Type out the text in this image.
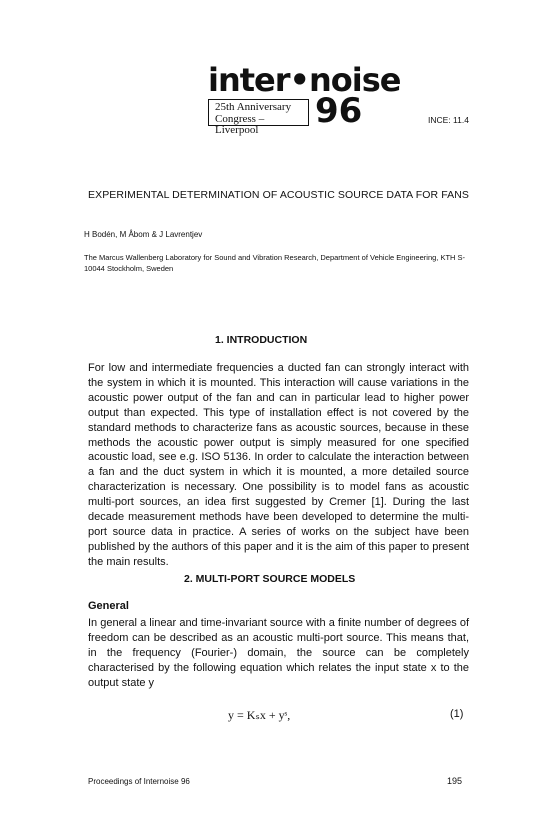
inter•noise
25th Anniversary
Congress – Liverpool	96	INCE: 11.4
EXPERIMENTAL DETERMINATION OF ACOUSTIC SOURCE DATA FOR FANS
H Bodén, M Åbom & J Lavrentjev
The Marcus Wallenberg Laboratory for Sound and Vibration Research, Department of Vehicle Engineering, KTH S-10044 Stockholm, Sweden
1. INTRODUCTION

For low and intermediate frequencies a ducted fan can strongly interact with the system in which it is mounted. This interaction will cause variations in the acoustic power output of the fan and can in particular lead to higher power output than expected. This type of installation effect is not covered by the standard methods to characterize fans as acoustic sources, because in these methods the acoustic power output is simply measured for one specified acoustic load, see e.g. ISO 5136. In order to calculate the interaction between a fan and the duct system in which it is mounted, a more detailed source characterization is necessary. One possibility is to model fans as acoustic multi-port sources, an idea first suggested by Cremer [1]. During the last decade measurement methods have been developed to determine the multi-port source data in practice. A series of works on the subject have been published by the authors of this paper and it is the aim of this paper to present the main results.

2. MULTI-PORT SOURCE MODELS
General

In general a linear and time-invariant source with a finite number of degrees of freedom can be described as an acoustic multi-port source. This means that, in the frequency (Fourier-) domain, the source can be completely characterised by the following equation which relates the input state x to the output state y

y = Kₛx + yˢ,	(1)
Proceedings of Internoise 96	195
